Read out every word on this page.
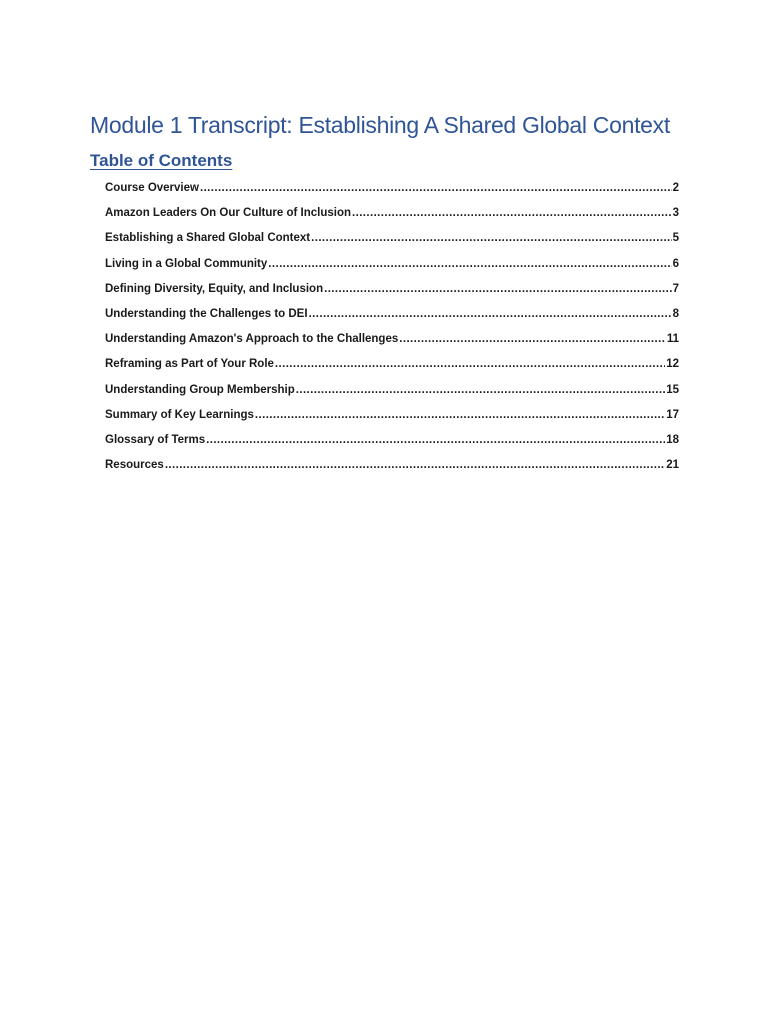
Module 1 Transcript: Establishing A Shared Global Context
Table of Contents
Course Overview .....	2
Amazon Leaders On Our Culture of Inclusion .....	3
Establishing a Shared Global Context .....	5
Living in a Global Community .....	6
Defining Diversity, Equity, and Inclusion .....	7
Understanding the Challenges to DEI .....	8
Understanding Amazon's Approach to the Challenges .....	11
Reframing as Part of Your Role .....	12
Understanding Group Membership .....	15
Summary of Key Learnings .....	17
Glossary of Terms .....	18
Resources .....	21
